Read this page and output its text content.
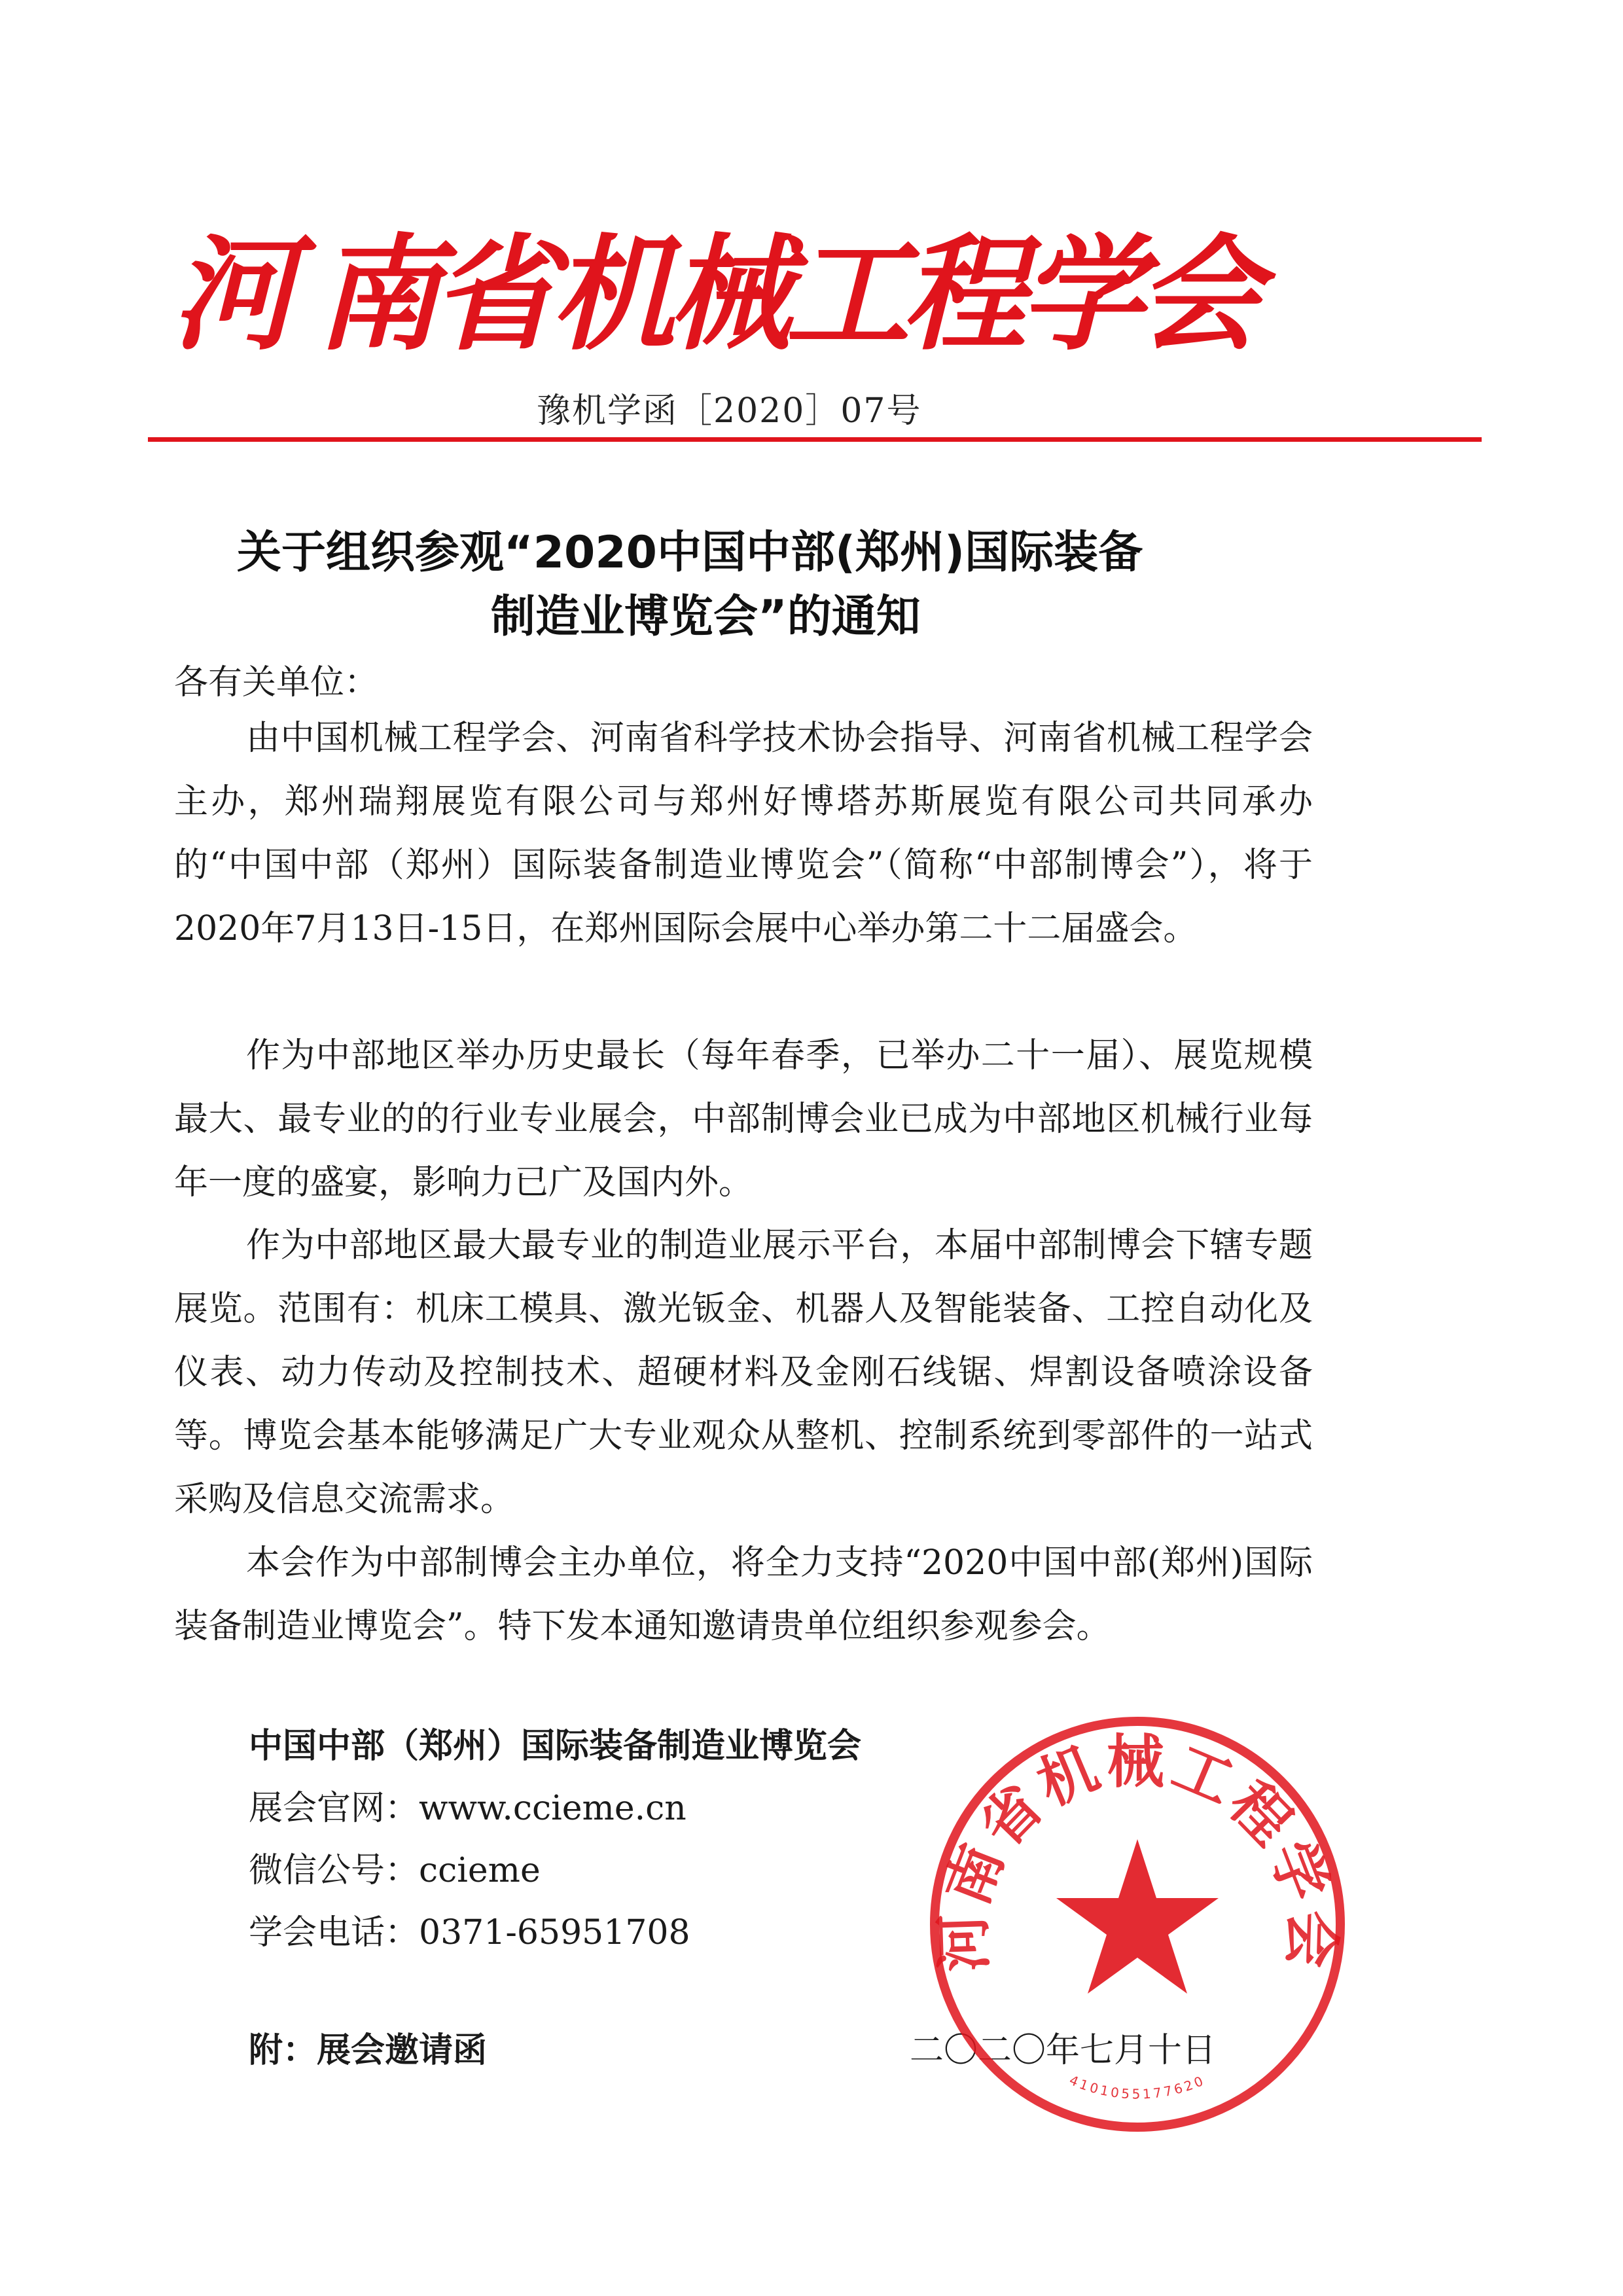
河 南
省
机
械
工
程
学
会
豫机学函［2020］07号
关于组织参观“2020中国中部(郑州)国际装备
制造业博览会”的通知
各有关单位：
由中国机械工程学会、河南省科学技术协会指导、河南省机械工程学会主办，郑州瑞翔展览有限公司与郑州好博塔苏斯展览有限公司共同承办的“中国中部（郑州）国际装备制造业博览会”（简称“中部制博会”），将于2020年7月13日-15日，在郑州国际会展中心举办第二十二届盛会。
作为中部地区举办历史最长（每年春季，已举办二十一届）、展览规模最大、最专业的的行业专业展会，中部制博会业已成为中部地区机械行业每年一度的盛宴，影响力已广及国内外。
作为中部地区最大最专业的制造业展示平台，本届中部制博会下辖专题展览。范围有：机床工模具、激光钣金、机器人及智能装备、工控自动化及仪表、动力传动及控制技术、超硬材料及金刚石线锯、焊割设备喷涂设备等。博览会基本能够满足广大专业观众从整机、控制系统到零部件的一站式采购及信息交流需求。
本会作为中部制博会主办单位，将全力支持“2020中国中部(郑州)国际装备制造业博览会”。特下发本通知邀请贵单位组织参观参会。
中国中部（郑州）国际装备制造业博览会
展会官网：www.ccieme.cn
微信公号：ccieme
学会电话：0371-65951708
附：展会邀请函	二〇二〇年七月十日
河南省机械工程学会
4101055177620
